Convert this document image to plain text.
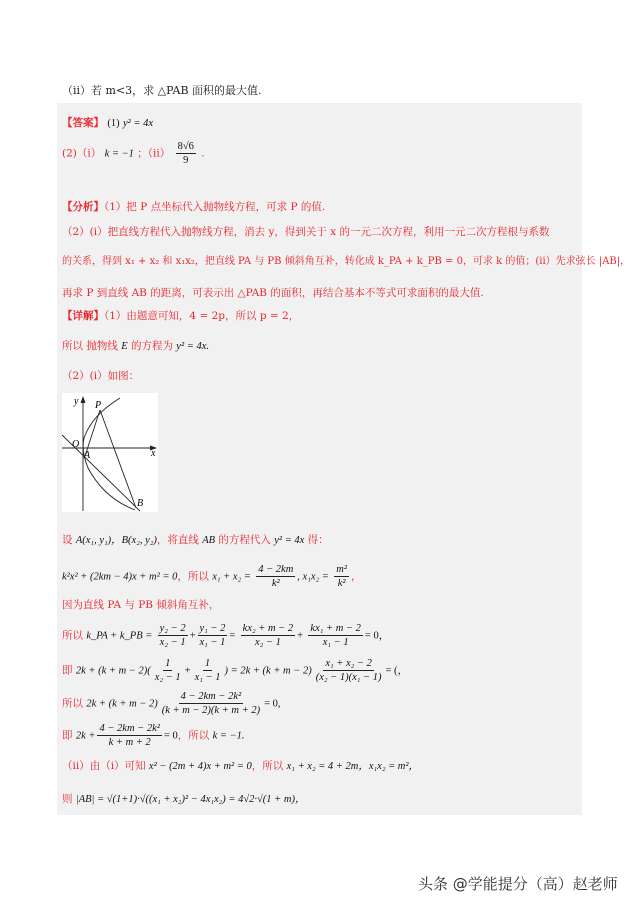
（ii）若 m<3，求 △PAB 面积的最大值.
【答案】 (1) y² = 4x
(2)（i） k = −1 ；$(ii) \frac{8√6}{9}$ .
【分析】（1）把 P 点坐标代入抛物线方程，可求 P 的值.
（2）(i）把直线方程代入抛物线方程，消去 y，得到关于 x 的一元二次方程，利用一元二次方程根与系数
的关系，得到 x₁ + x₂ 和 x₁x₂，把直线 PA 与 PB 倾斜角互补，转化成 k_PA + k_PB = 0，可求 k 的值；(ii）先求弦长 |AB|，
再求 P 到直线 AB 的距离，可表示出 △PAB 的面积，再结合基本不等式可求面积的最大值.
【详解】（1）由题意可知，4 = 2p，所以 p = 2，
所以 抛物线 E 的方程为 y² = 4x.
（2）(i）如图：
y P
O
A	x
B
设 A(x₁, y₁)，B(x₂, y₂)，将直线 AB 的方程代入 y² = 4x 得：
k²x² + (2km − 4)x + m² = 0，所以 $x_1 + x_2 = \frac{4 - 2km}{\text{k²}}$ , $x_1x_2 = \frac{\text{m²}}{\text{k²}}$ ，
因为直线 PA 与 PB 倾斜角互补，
所以 k_PA + k_PB = $\frac{\text{y₂ − 2}}{\text{x₂ − 1}} + \frac{\text{y₁ − 2}}{\text{x₁ − 1}} = \frac{\text{kx₂ + m − 2}}{\text{x₂ − 1}} + \frac{\text{kx₁ + m − 2}}{\text{x₁ − 1}} = 0$，
即 $2k + (k + m - 2)( \frac{1}{\text{x₂ − 1}} + \frac{1}{\text{x₁ − 1}}$ ) = $2k + (k + m - 2) \frac{\text{x₁ + x₂ − 2}}{\text{(x₂ − 1)(x₁ − 1)}}$ = (，
所以 $2k + (k + m - 2) \frac{\text{4 − 2km − 2k²}}{(k + m - 2)(k + m + 2)} = 0$,
即 $2k + \frac{\text{4 − 2km − 2k²}}{k + m + 2} = 0$，所以 k = −1.
（ii）由（i）可知 x² − (2m + 4)x + m² = 0，所以 x₁ + x₂ = 4 + 2m，x₁x₂ = m²，
则 |AB| = √(1+1)·√((x₁ + x₂)² − 4x₁x₂) = 4√2·√(1 + m)，
头条 @学能提分（高）赵老师
